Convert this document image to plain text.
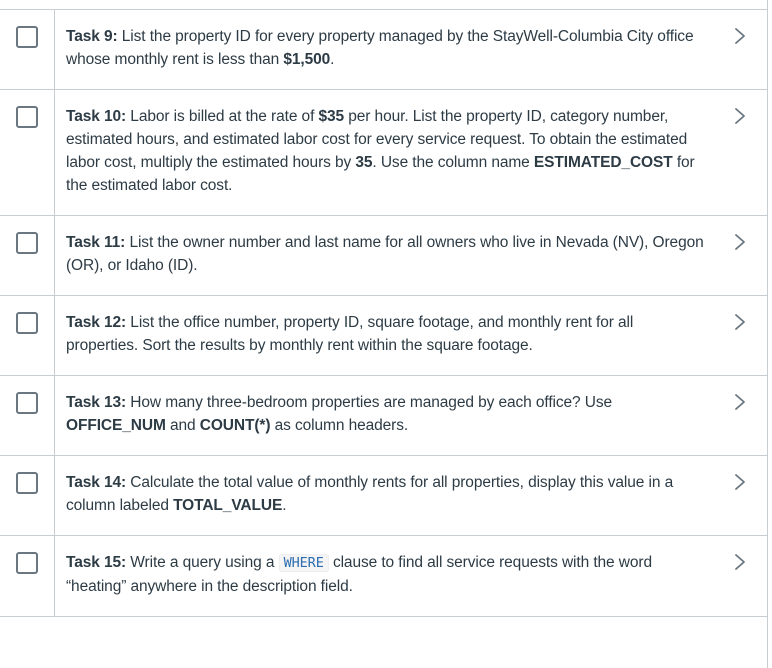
Task 9: List the property ID for every property managed by the StayWell-Columbia City office whose monthly rent is less than $1,500.
Task 10: Labor is billed at the rate of $35 per hour. List the property ID, category number, estimated hours, and estimated labor cost for every service request. To obtain the estimated labor cost, multiply the estimated hours by 35. Use the column name ESTIMATED_COST for the estimated labor cost.
Task 11: List the owner number and last name for all owners who live in Nevada (NV), Oregon (OR), or Idaho (ID).
Task 12: List the office number, property ID, square footage, and monthly rent for all properties. Sort the results by monthly rent within the square footage.
Task 13: How many three-bedroom properties are managed by each office? Use OFFICE_NUM and COUNT(*) as column headers.
Task 14: Calculate the total value of monthly rents for all properties, display this value in a column labeled TOTAL_VALUE.
Task 15: Write a query using a WHERE clause to find all service requests with the word “heating” anywhere in the description field.
